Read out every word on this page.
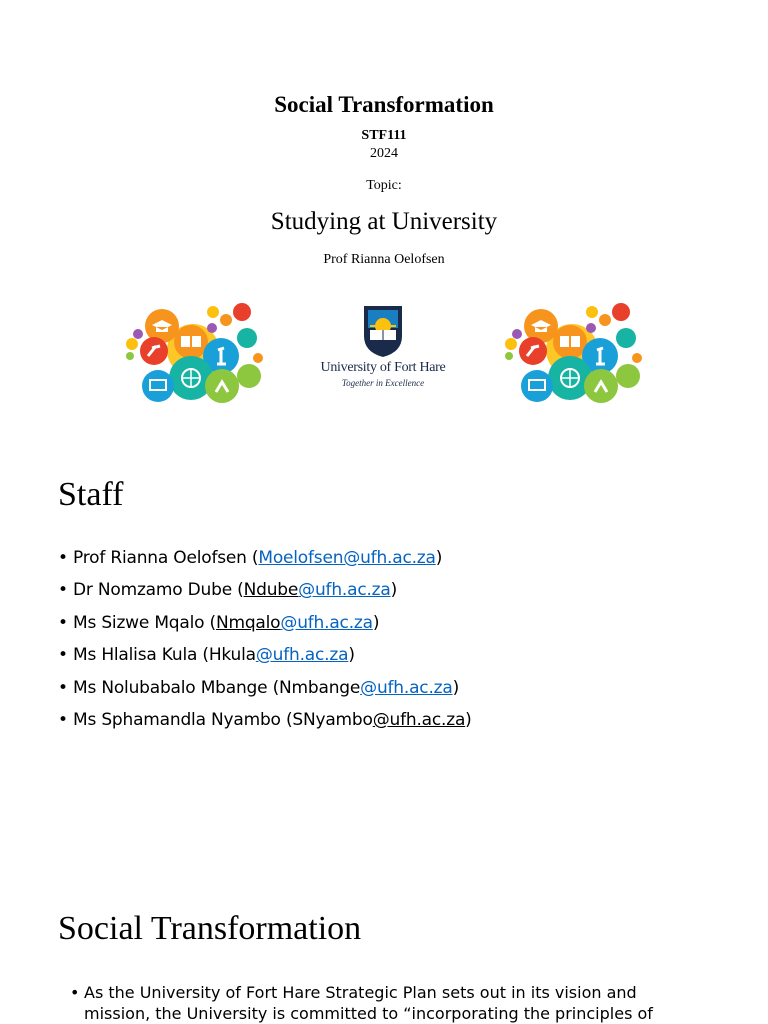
Social Transformation
STF111
2024
Topic:
Studying at University
Prof Rianna Oelofsen
University of Fort Hare
Together in Excellence
Staff
• Prof Rianna Oelofsen (Moelofsen@ufh.ac.za)
• Dr Nomzamo Dube (Ndube@ufh.ac.za)
• Ms Sizwe Mqalo (Nmqalo@ufh.ac.za)
• Ms Hlalisa Kula (Hkula@ufh.ac.za)
• Ms Nolubabalo Mbange (Nmbange@ufh.ac.za)
• Ms Sphamandla Nyambo (SNyambo@ufh.ac.za)
Social Transformation
• As the University of Fort Hare Strategic Plan sets out in its vision and mission, the University is committed to “incorporating the principles of
